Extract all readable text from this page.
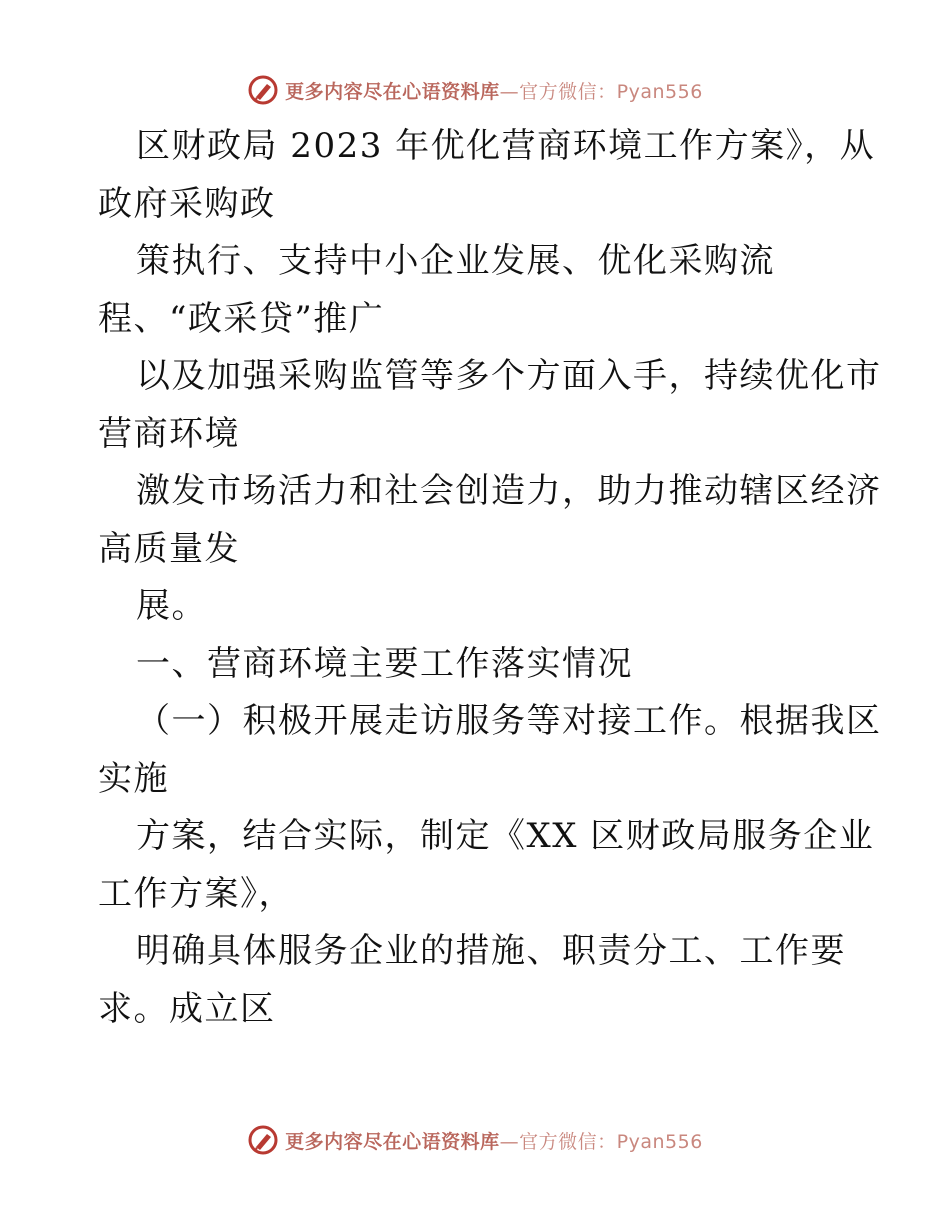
更多内容尽在心语资料库—官方微信：Pyan556
区财政局 2023 年优化营商环境工作方案》，从
政府采购政
策执行、支持中小企业发展、优化采购流
程、“政采贷”推广
以及加强采购监管等多个方面入手，持续优化市
营商环境
激发市场活力和社会创造力，助力推动辖区经济
高质量发
展。
一、营商环境主要工作落实情况
（一）积极开展走访服务等对接工作。根据我区
实施
方案，结合实际，制定《XX 区财政局服务企业
工作方案》，
明确具体服务企业的措施、职责分工、工作要
求。成立区
更多内容尽在心语资料库—官方微信：Pyan556
